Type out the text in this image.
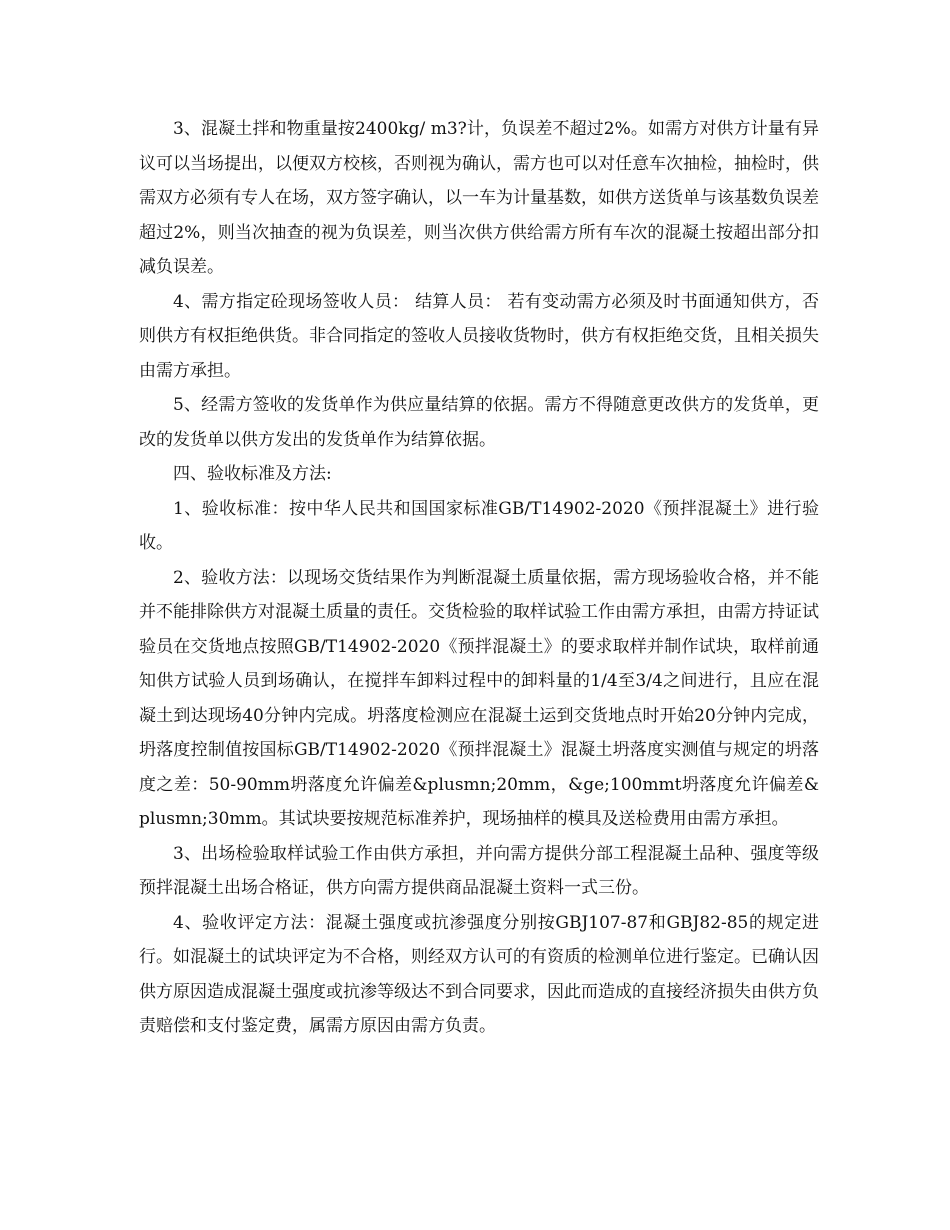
3、混凝土拌和物重量按2400kg/ m3?计，负误差不超过2%。如需方对供方计量有异议可以当场提出，以便双方校核，否则视为确认，需方也可以对任意车次抽检，抽检时，供需双方必须有专人在场，双方签字确认，以一车为计量基数，如供方送货单与该基数负误差超过2%，则当次抽查的视为负误差，则当次供方供给需方所有车次的混凝土按超出部分扣减负误差。

4、需方指定砼现场签收人员： 结算人员： 若有变动需方必须及时书面通知供方，否则供方有权拒绝供货。非合同指定的签收人员接收货物时，供方有权拒绝交货，且相关损失由需方承担。

5、经需方签收的发货单作为供应量结算的依据。需方不得随意更改供方的发货单，更改的发货单以供方发出的发货单作为结算依据。

四、验收标准及方法:

1、验收标准：按中华人民共和国国家标准GB/T14902-2020《预拌混凝土》进行验收。

2、验收方法：以现场交货结果作为判断混凝土质量依据，需方现场验收合格，并不能并不能排除供方对混凝土质量的责任。交货检验的取样试验工作由需方承担，由需方持证试验员在交货地点按照GB/T14902-2020《预拌混凝土》的要求取样并制作试块，取样前通知供方试验人员到场确认，在搅拌车卸料过程中的卸料量的1/4至3/4之间进行，且应在混凝土到达现场40分钟内完成。坍落度检测应在混凝土运到交货地点时开始20分钟内完成，坍落度控制值按国标GB/T14902-2020《预拌混凝土》混凝土坍落度实测值与规定的坍落度之差：50-90mm坍落度允许偏差&plusmn;20mm，&ge;100mmt坍落度允许偏差&plusmn;30mm。其试块要按规范标准养护，现场抽样的模具及送检费用由需方承担。

3、出场检验取样试验工作由供方承担，并向需方提供分部工程混凝土品种、强度等级预拌混凝土出场合格证，供方向需方提供商品混凝土资料一式三份。

4、验收评定方法：混凝土强度或抗渗强度分别按GBJ107-87和GBJ82-85的规定进行。如混凝土的试块评定为不合格，则经双方认可的有资质的检测单位进行鉴定。已确认因供方原因造成混凝土强度或抗渗等级达不到合同要求，因此而造成的直接经济损失由供方负责赔偿和支付鉴定费，属需方原因由需方负责。
